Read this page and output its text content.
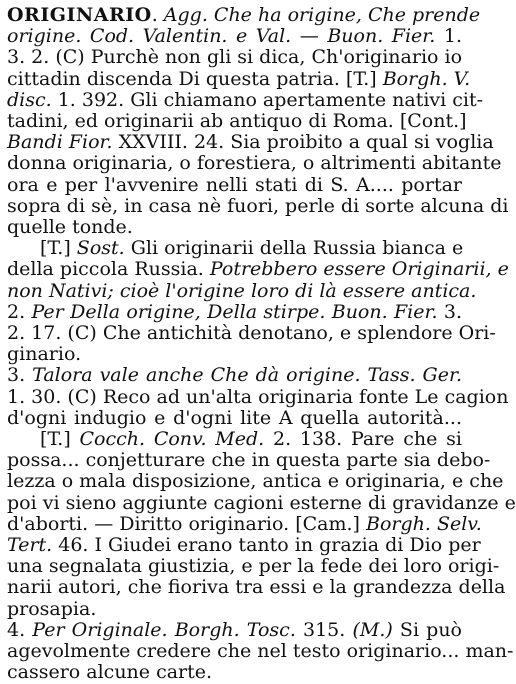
ORIGINARIO. Agg. Che ha origine, Che prende

origine. Cod. Valentin. e Val. — Buon. Fier. 1.

3. 2. (C) Purchè non gli si dica, Ch'originario io

cittadin discenda Di questa patria. [T.] Borgh. V.

disc. 1. 392. Gli chiamano apertamente nativi cit-

tadini, ed originarii ab antiquo di Roma. [Cont.]

Bandi Fior. XXVIII. 24. Sia proibito a qual si voglia

donna originaria, o forestiera, o altrimenti abitante

ora e per l'avvenire nelli stati di S. A.... portar

sopra di sè, in casa nè fuori, perle di sorte alcuna di

quelle tonde.

[T.] Sost. Gli originarii della Russia bianca e

della piccola Russia. Potrebbero essere Originarii, e

non Nativi; cioè l'origine loro di là essere antica.

2. Per Della origine, Della stirpe. Buon. Fier. 3.

2. 17. (C) Che antichità denotano, e splendore Ori-

ginario.

3. Talora vale anche Che dà origine. Tass. Ger.

1. 30. (C) Reco ad un'alta originaria fonte Le cagion

d'ogni indugio e d'ogni lite A quella autorità...

[T.] Cocch. Conv. Med. 2. 138. Pare che si

possa... conjetturare che in questa parte sia debo-

lezza o mala disposizione, antica e originaria, e che

poi vi sieno aggiunte cagioni esterne di gravidanze e

d'aborti. — Diritto originario. [Cam.] Borgh. Selv.

Tert. 46. I Giudei erano tanto in grazia di Dio per

una segnalata giustizia, e per la fede dei loro origi-

narii autori, che fioriva tra essi e la grandezza della

prosapia.

4. Per Originale. Borgh. Tosc. 315. (M.) Si può

agevolmente credere che nel testo originario... man-

cassero alcune carte.
